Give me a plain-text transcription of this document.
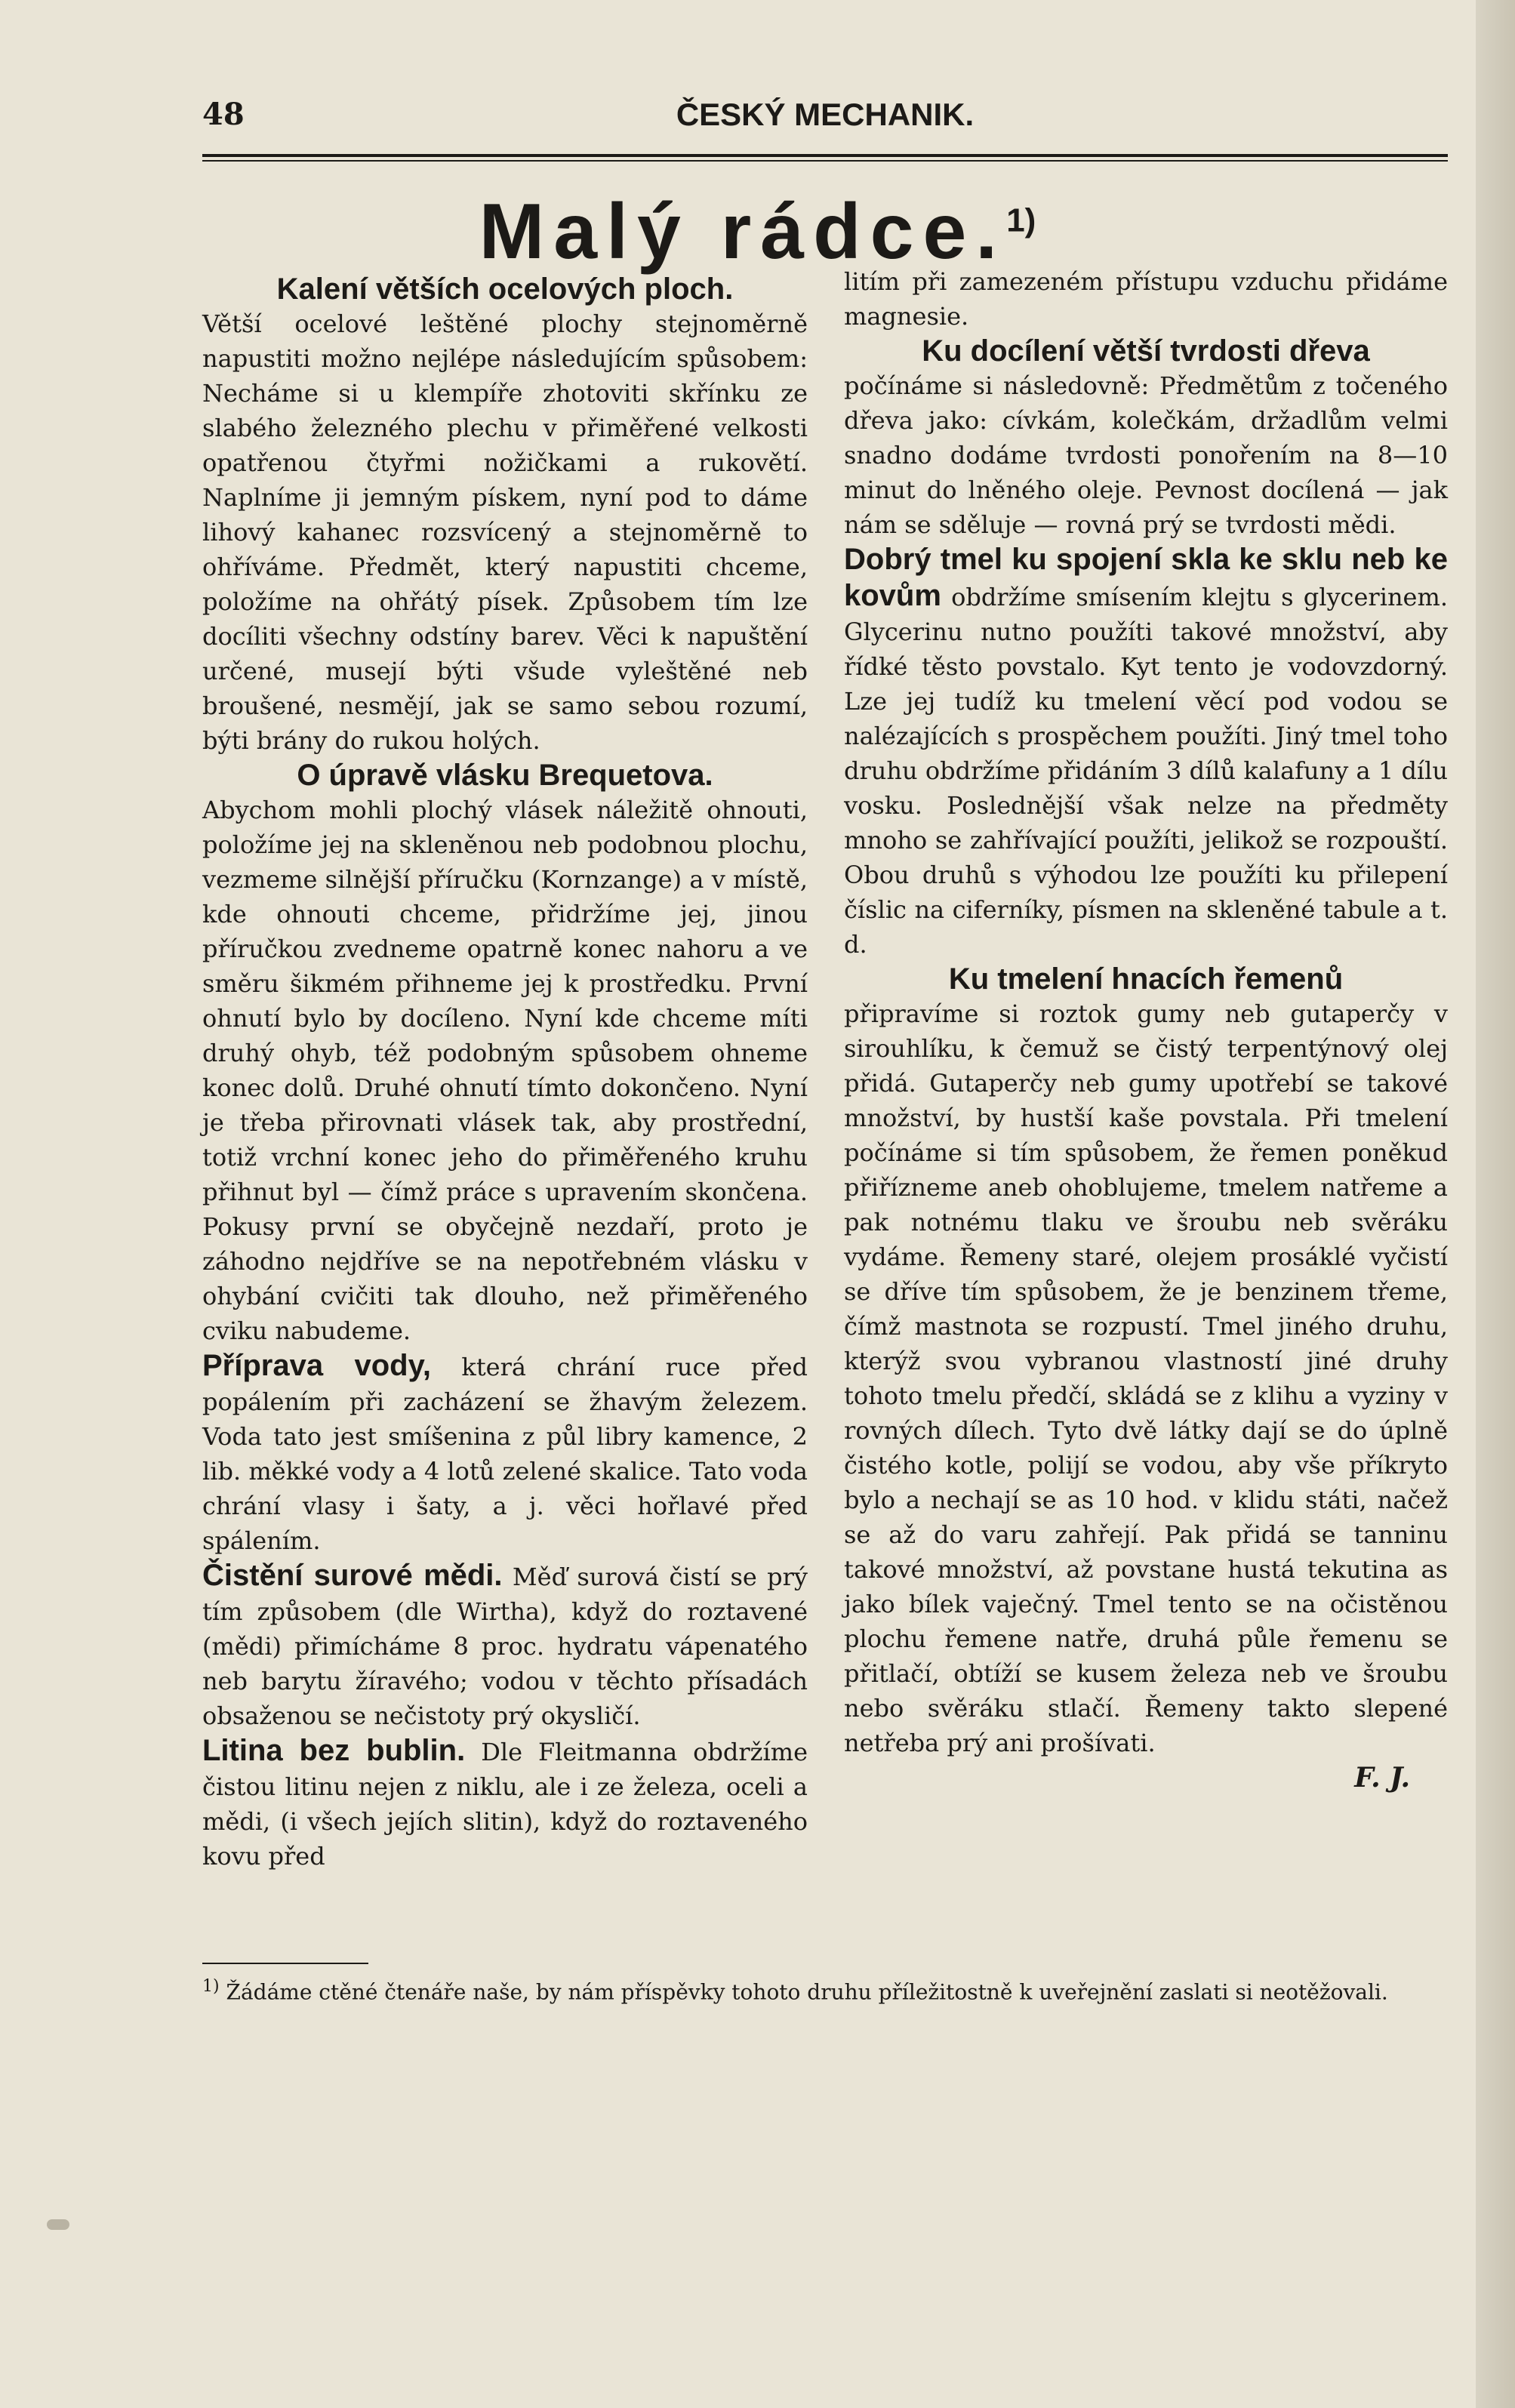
48	ČESKÝ MECHANIK.
Malý rádce.$^{1)}$

Kalení větších ocelových ploch.

Větší ocelové leštěné plochy stejnoměrně napustiti možno nejlépe následujícím spůsobem: Necháme si u klempíře zhotoviti skřínku ze slabého železného plechu v přiměřené velkosti opatřenou čtyřmi nožičkami a rukovětí. Naplníme ji jemným pískem, nyní pod to dáme lihový kahanec rozsvícený a stejnoměrně to ohříváme. Předmět, který napustiti chceme, položíme na ohřátý písek. Způsobem tím lze docíliti všechny odstíny barev. Věci k napuštění určené, musejí býti všude vyleštěné neb broušené, nesmějí, jak se samo sebou rozumí, býti brány do rukou holých.

O úpravě vlásku Brequetova.

Abychom mohli plochý vlásek náležitě ohnouti, položíme jej na skleněnou neb podobnou plochu, vezmeme silnější příručku (Kornzange) a v místě, kde ohnouti chceme, přidržíme jej, jinou příručkou zvedneme opatrně konec nahoru a ve směru šikmém přihneme jej k prostředku. První ohnutí bylo by docíleno. Nyní kde chceme míti druhý ohyb, též podobným spůsobem ohneme konec dolů. Druhé ohnutí tímto dokončeno. Nyní je třeba přirovnati vlásek tak, aby prostřední, totiž vrchní konec jeho do přiměřeného kruhu přihnut byl — čímž práce s upravením skončena. Pokusy první se obyčejně nezdaří, proto je záhodno nejdříve se na nepotřebném vlásku v ohybání cvičiti tak dlouho, než přiměřeného cviku nabudeme.

Příprava vody, která chrání ruce před popálením při zacházení se žhavým železem. Voda tato jest smíšenina z půl libry kamence, 2 lib. měkké vody a 4 lotů zelené skalice. Tato voda chrání vlasy i šaty, a j. věci hořlavé před spálením.

Čistění surové mědi. Měď surová čistí se prý tím způsobem (dle Wirtha), když do roztavené (mědi) přimícháme 8 proc. hydratu vápenatého neb barytu žíravého; vodou v těchto přísadách obsaženou se nečistoty prý okysličí.

Litina bez bublin. Dle Fleitmanna obdržíme čistou litinu nejen z niklu, ale i ze železa, oceli a mědi, (i všech jejích slitin), když do roztaveného kovu před

litím při zamezeném přístupu vzduchu přidáme magnesie.

Ku docílení větší tvrdosti dřeva

počínáme si následovně: Předmětům z točeného dřeva jako: cívkám, kolečkám, držadlům velmi snadno dodáme tvrdosti ponořením na 8—10 minut do lněného oleje. Pevnost docílená — jak nám se sděluje — rovná prý se tvrdosti mědi.

Dobrý tmel ku spojení skla ke sklu neb ke kovům obdržíme smísením klejtu s glycerinem. Glycerinu nutno použíti takové množství, aby řídké těsto povstalo. Kyt tento je vodovzdorný. Lze jej tudíž ku tmelení věcí pod vodou se nalézajících s prospěchem použíti. Jiný tmel toho druhu obdržíme přidáním 3 dílů kalafuny a 1 dílu vosku. Poslednější však nelze na předměty mnoho se zahřívající použíti, jelikož se rozpouští. Obou druhů s výhodou lze použíti ku přilepení číslic na ciferníky, písmen na skleněné tabule a t. d.

Ku tmelení hnacích řemenů

připravíme si roztok gumy neb gutaperčy v sirouhlíku, k čemuž se čistý terpentýnový olej přidá. Gutaperčy neb gumy upotřebí se takové množství, by hustší kaše povstala. Při tmelení počínáme si tím spůsobem, že řemen poněkud přiřízneme aneb ohoblujeme, tmelem natřeme a pak notnému tlaku ve šroubu neb svěráku vydáme. Řemeny staré, olejem prosáklé vyčistí se dříve tím spůsobem, že je benzinem třeme, čímž mastnota se rozpustí. Tmel jiného druhu, kterýž svou vybranou vlastností jiné druhy tohoto tmelu předčí, skládá se z klihu a vyziny v rovných dílech. Tyto dvě látky dají se do úplně čistého kotle, polijí se vodou, aby vše příkryto bylo a nechají se as 10 hod. v klidu státi, načež se až do varu zahřejí. Pak přidá se tanninu takové množství, až povstane hustá tekutina as jako bílek vaječný. Tmel tento se na očistěnou plochu řemene natře, druhá půle řemenu se přitlačí, obtíží se kusem železa neb ve šroubu nebo svěráku stlačí. Řemeny takto slepené netřeba prý ani prošívati.

F. J.

$^{1)}$ Žádáme ctěné čtenáře naše, by nám příspěvky tohoto druhu příležitostně k uveřejnění zaslati si neotěžovali.
